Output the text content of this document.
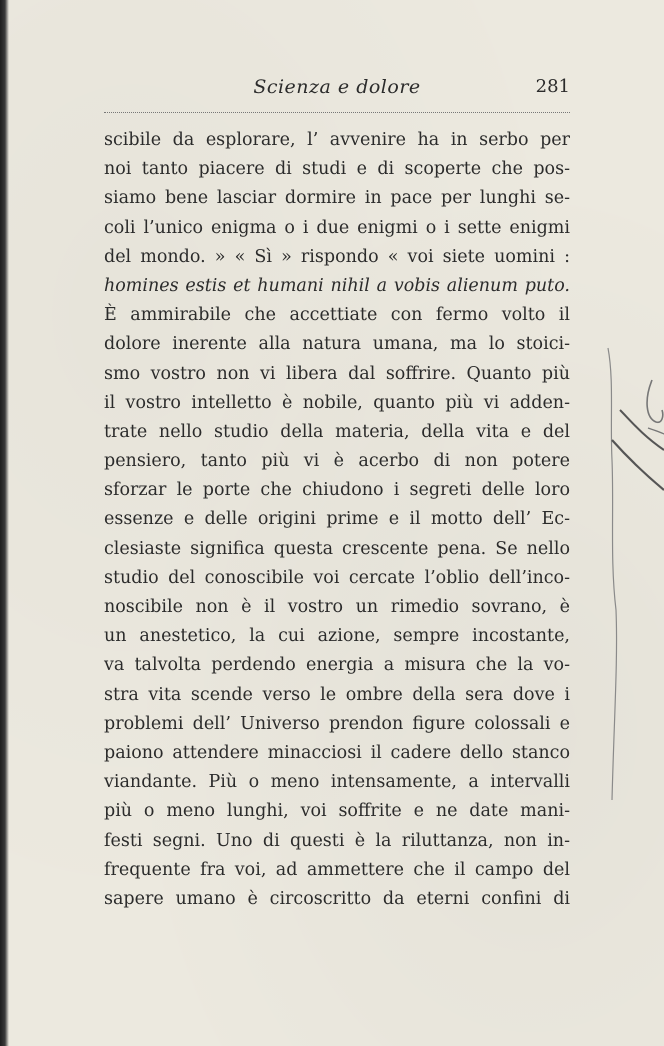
Scienza e dolore	281
scibile da esplorare, l’ avvenire ha in serbo per
noi tanto piacere di studi e di scoperte che pos-
siamo bene lasciar dormire in pace per lunghi se-
coli l’unico enigma o i due enigmi o i sette enigmi
del mondo. » « Sì » rispondo « voi siete uomini :
homines estis et humani nihil a vobis alienum puto.
È ammirabile che accettiate con fermo volto il
dolore inerente alla natura umana, ma lo stoici-
smo vostro non vi libera dal soffrire. Quanto più
il vostro intelletto è nobile, quanto più vi adden-
trate nello studio della materia, della vita e del
pensiero, tanto più vi è acerbo di non potere
sforzar le porte che chiudono i segreti delle loro
essenze e delle origini prime e il motto dell’ Ec-
clesiaste significa questa crescente pena. Se nello
studio del conoscibile voi cercate l’oblio dell’inco-
noscibile non è il vostro un rimedio sovrano, è
un anestetico, la cui azione, sempre incostante,
va talvolta perdendo energia a misura che la vo-
stra vita scende verso le ombre della sera dove i
problemi dell’ Universo prendon figure colossali e
paiono attendere minacciosi il cadere dello stanco
viandante. Più o meno intensamente, a intervalli
più o meno lunghi, voi soffrite e ne date mani-
festi segni. Uno di questi è la riluttanza, non in-
frequente fra voi, ad ammettere che il campo del
sapere umano è circoscritto da eterni confini di
